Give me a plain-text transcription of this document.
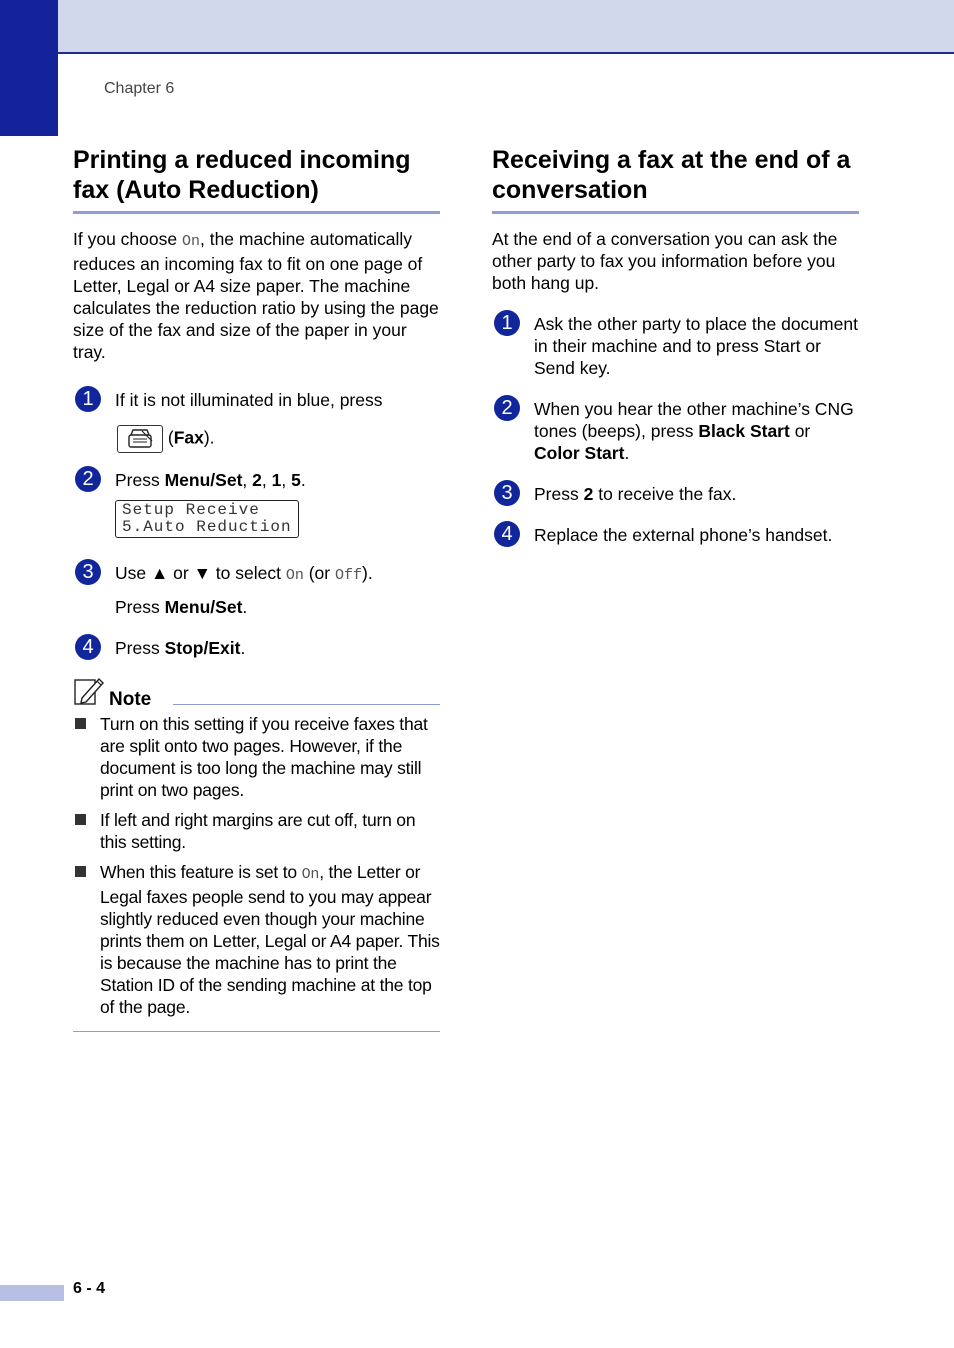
Chapter 6
Printing a reduced incoming fax (Auto Reduction)

If you choose On, the machine automatically reduces an incoming fax to fit on one page of Letter, Legal or A4 size paper. The machine calculates the reduction ratio by using the page size of the fax and size of the paper in your tray.

1	If it is not illuminated in blue, press
(Fax).
2	Press Menu/Set, 2, 1, 5.
Setup Receive
5.Auto Reduction
3	Use ▲ or ▼ to select On (or Off).
Press Menu/Set.
4	Press Stop/Exit.
Note
Turn on this setting if you receive faxes that are split onto two pages. However, if the document is too long the machine may still print on two pages.
If left and right margins are cut off, turn on this setting.
When this feature is set to On, the Letter or Legal faxes people send to you may appear slightly reduced even though your machine prints them on Letter, Legal or A4 paper. This is because the machine has to print the Station ID of the sending machine at the top of the page.
Receiving a fax at the end of a conversation

At the end of a conversation you can ask the other party to fax you information before you both hang up.

1	Ask the other party to place the document in their machine and to press Start or Send key.
2	When you hear the other machine’s CNG tones (beeps), press Black Start or Color Start.
3	Press 2 to receive the fax.
4	Replace the external phone’s handset.
6 - 4
